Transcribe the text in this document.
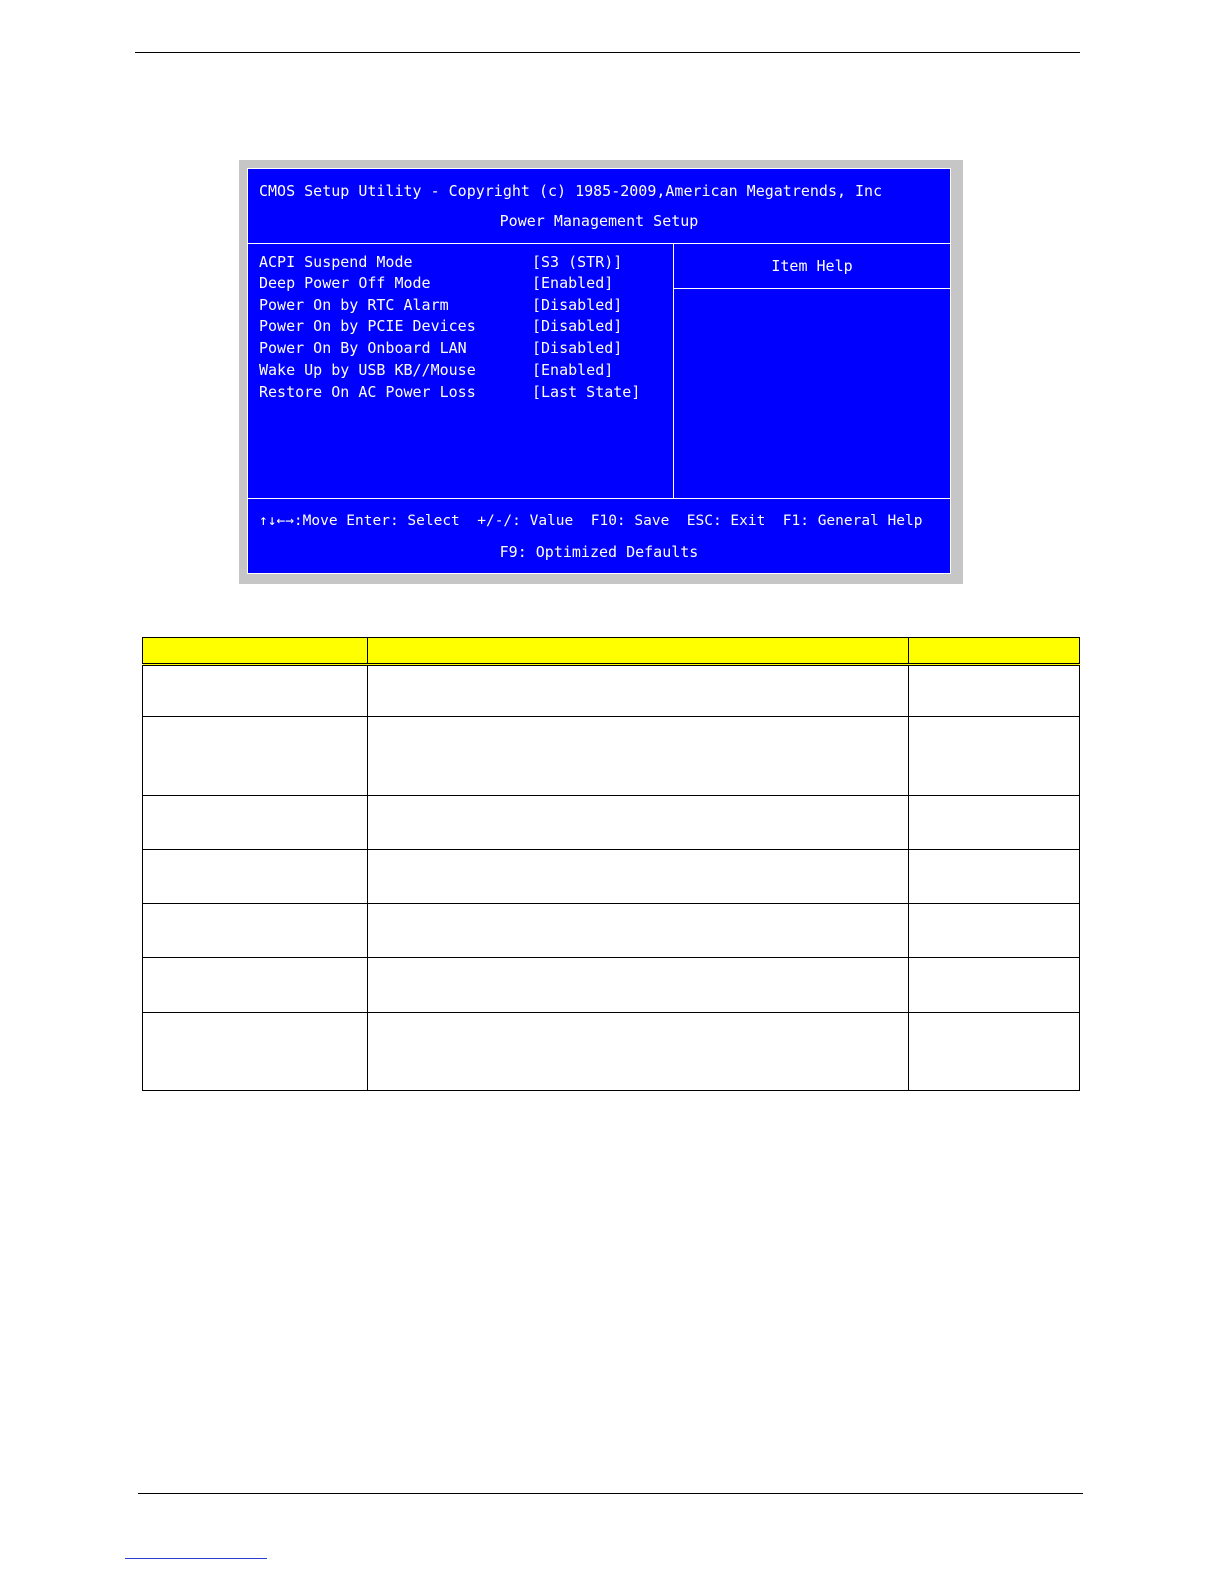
CMOS Setup Utility - Copyright (c) 1985-2009,American Megatrends, Inc
Power Management Setup
ACPI Suspend Mode	[S3 (STR)]
Deep Power Off Mode	[Enabled]
Power On by RTC Alarm	[Disabled]
Power On by PCIE Devices	[Disabled]
Power On By Onboard LAN	[Disabled]
Wake Up by USB KB//Mouse	[Enabled]
Restore On AC Power Loss	[Last State]
Item Help
↑↓←→:Move Enter: Select  +/-/: Value  F10: Save  ESC: Exit  F1: General Help
F9: Optimized Defaults
